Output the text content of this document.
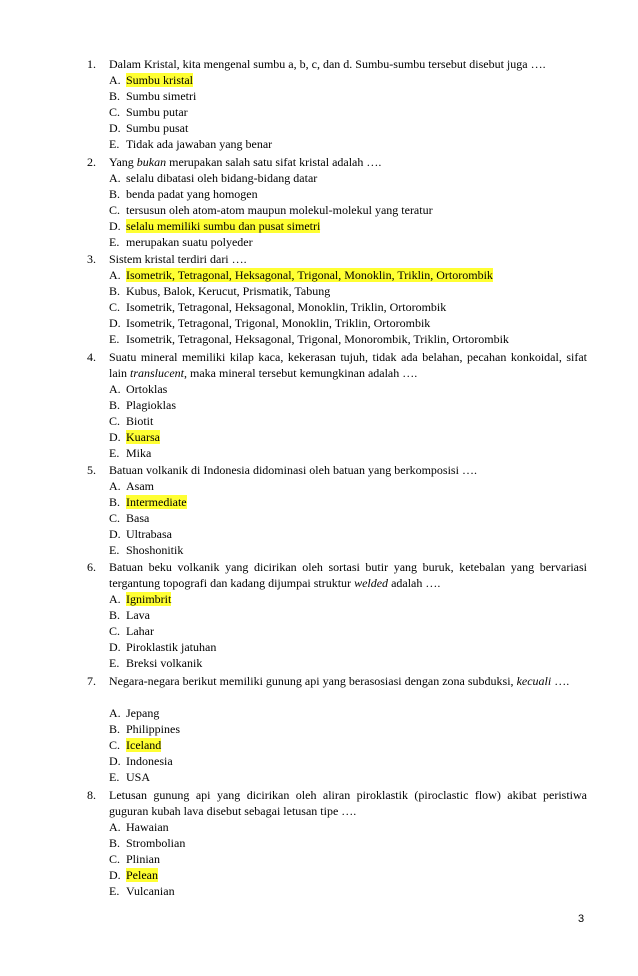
1. Dalam Kristal, kita mengenal sumbu a, b, c, dan d. Sumbu-sumbu tersebut disebut juga ….
A. Sumbu kristal
B. Sumbu simetri
C. Sumbu putar
D. Sumbu pusat
E. Tidak ada jawaban yang benar
2. Yang bukan merupakan salah satu sifat kristal adalah ….
A. selalu dibatasi oleh bidang-bidang datar
B. benda padat yang homogen
C. tersusun oleh atom-atom maupun molekul-molekul yang teratur
D. selalu memiliki sumbu dan pusat simetri
E. merupakan suatu polyeder
3. Sistem kristal terdiri dari ….
A. Isometrik, Tetragonal, Heksagonal, Trigonal, Monoklin, Triklin, Ortorombik
B. Kubus, Balok, Kerucut, Prismatik, Tabung
C. Isometrik, Tetragonal, Heksagonal, Monoklin, Triklin, Ortorombik
D. Isometrik, Tetragonal, Trigonal, Monoklin, Triklin, Ortorombik
E. Isometrik, Tetragonal, Heksagonal, Trigonal, Monorombik, Triklin, Ortorombik
4. Suatu mineral memiliki kilap kaca, kekerasan tujuh, tidak ada belahan, pecahan konkoidal, sifat lain translucent, maka mineral tersebut kemungkinan adalah ….
A. Ortoklas
B. Plagioklas
C. Biotit
D. Kuarsa
E. Mika
5. Batuan volkanik di Indonesia didominasi oleh batuan yang berkomposisi ….
A. Asam
B. Intermediate
C. Basa
D. Ultrabasa
E. Shoshonitik
6. Batuan beku volkanik yang dicirikan oleh sortasi butir yang buruk, ketebalan yang bervariasi tergantung topografi dan kadang dijumpai struktur welded adalah ….
A. Ignimbrit
B. Lava
C. Lahar
D. Piroklastik jatuhan
E. Breksi volkanik
7. Negara-negara berikut memiliki gunung api yang berasosiasi dengan zona subduksi, kecuali ….
A. Jepang
B. Philippines
C. Iceland
D. Indonesia
E. USA
8. Letusan gunung api yang dicirikan oleh aliran piroklastik (piroclastic flow) akibat peristiwa guguran kubah lava disebut sebagai letusan tipe ….
A. Hawaian
B. Strombolian
C. Plinian
D. Pelean
E. Vulcanian
3
